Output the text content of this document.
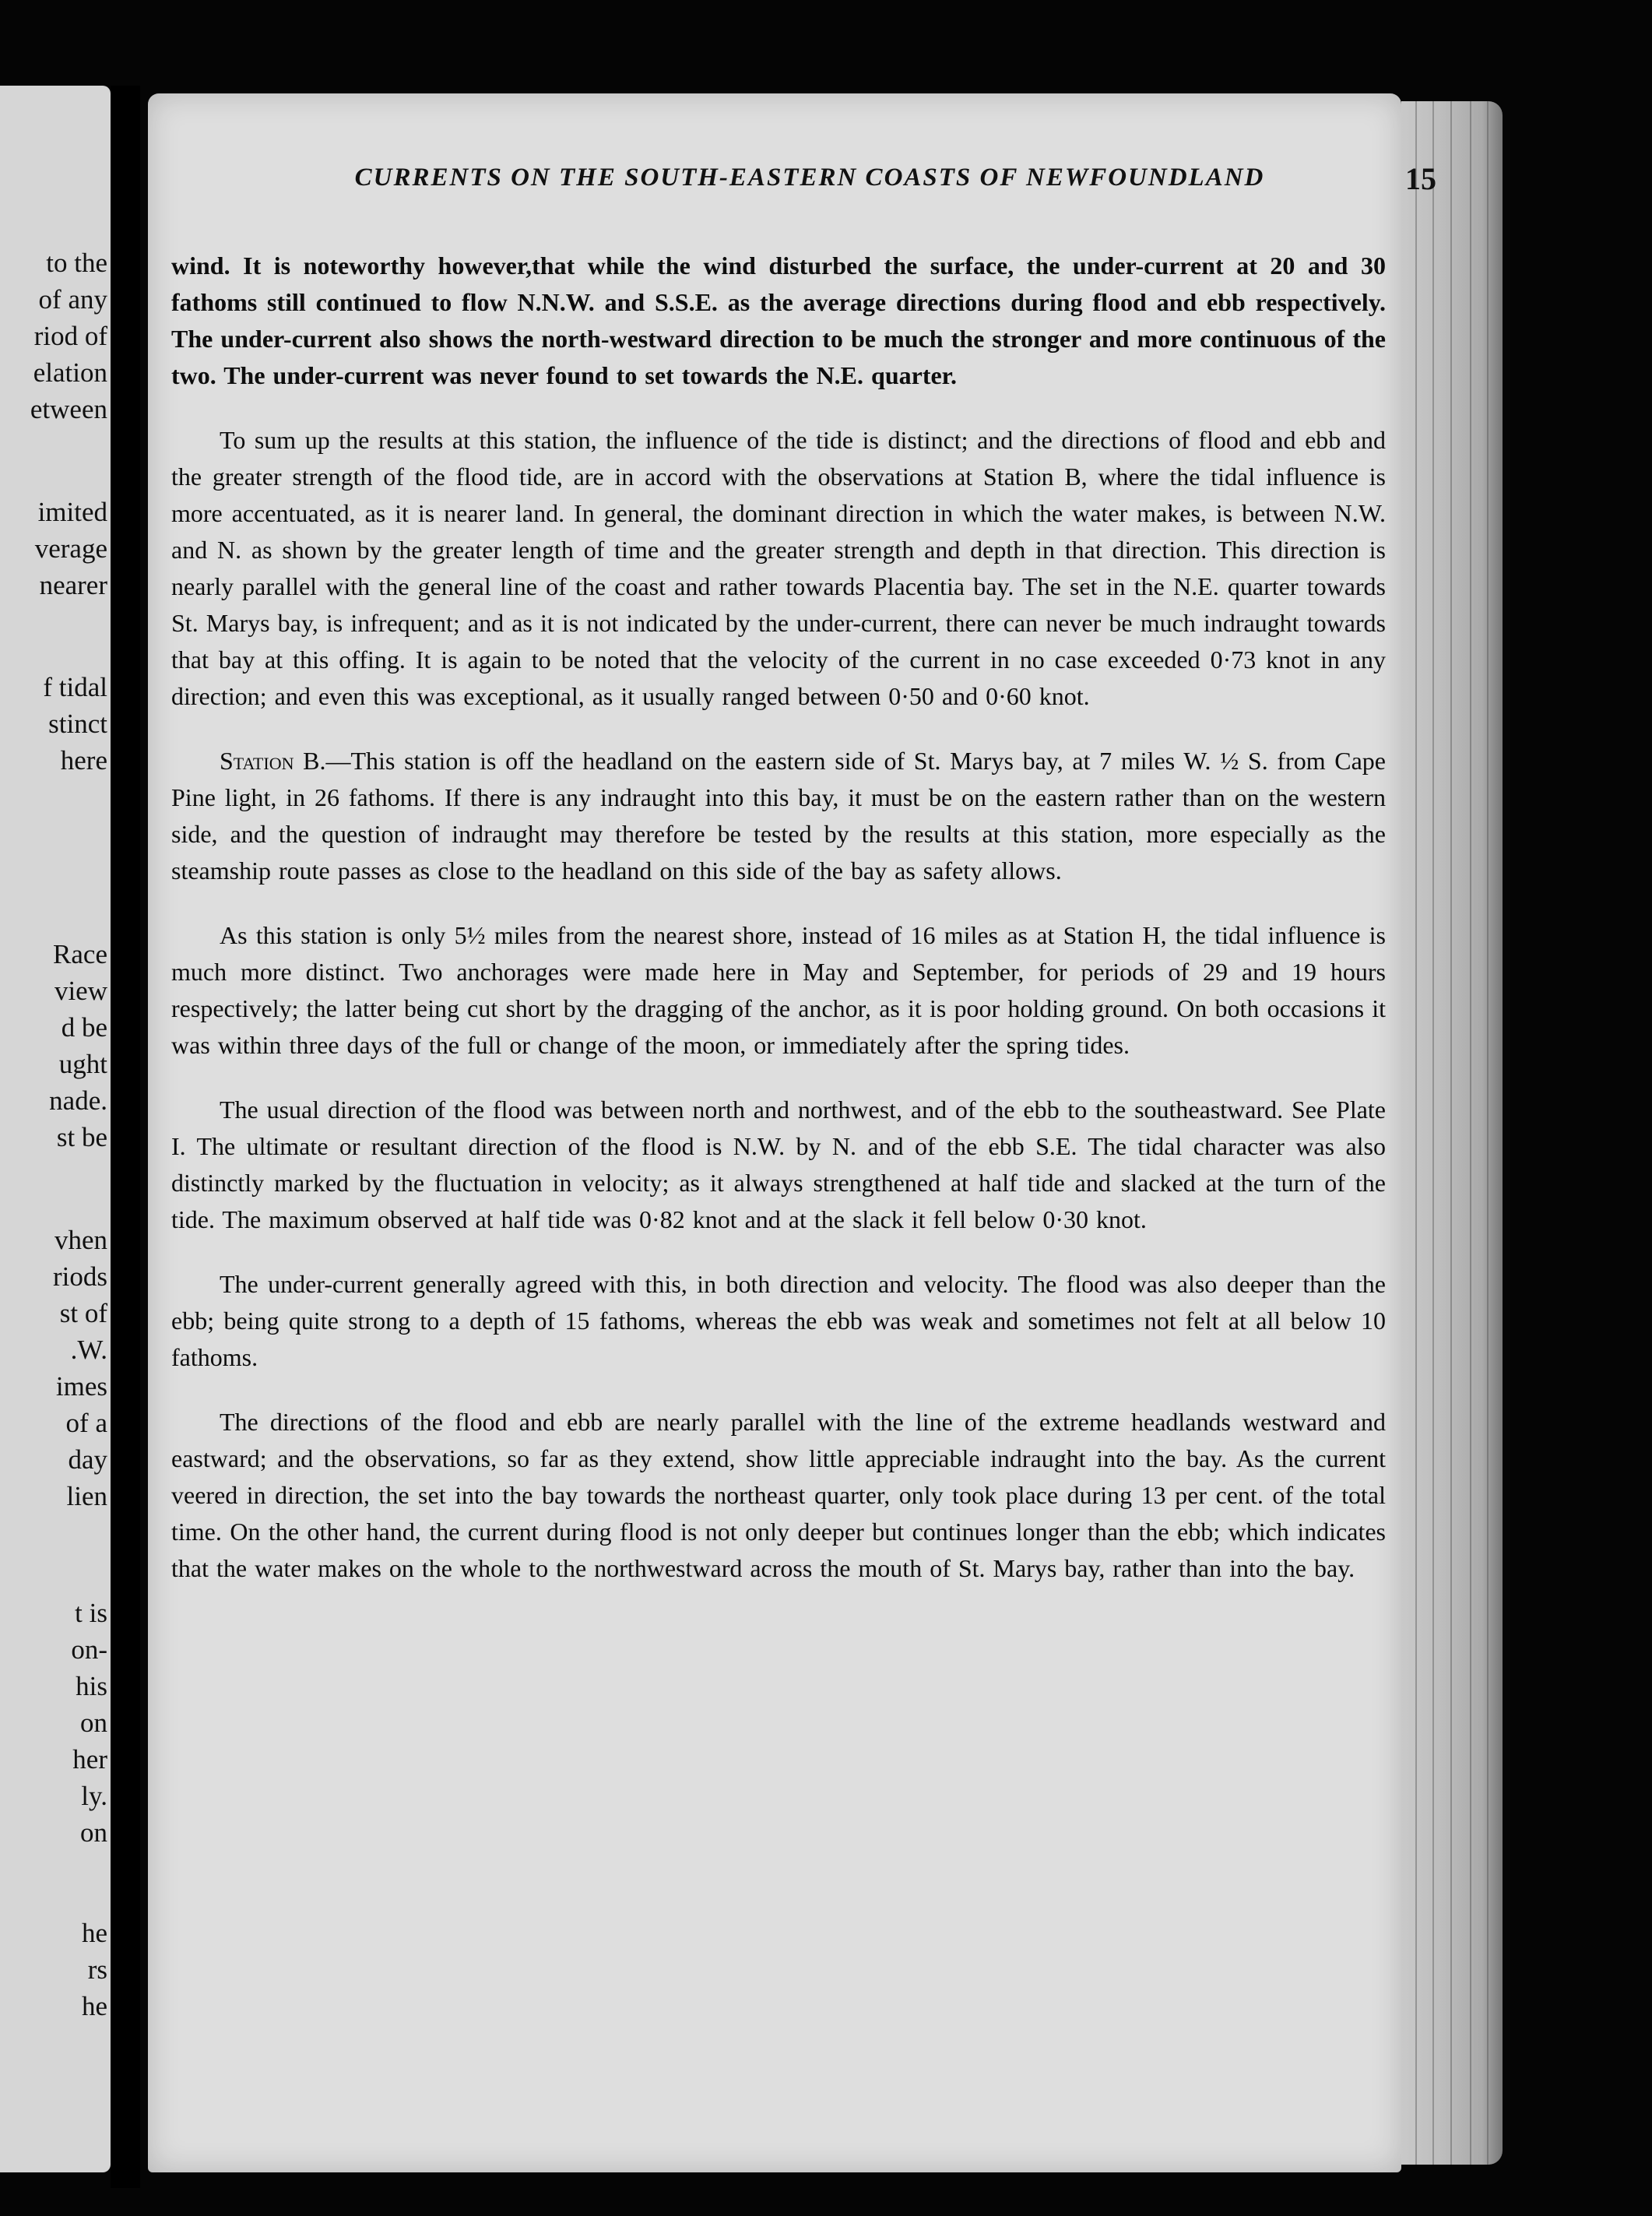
to the
of any
riod of
elation
etween
imited
verage
nearer
f tidal
stinct
here
Race
view
d be
ught
nade.
st be
vhen
riods
st of
.W.
imes
of a
day
lien
t is
on-
his
on
her
ly.
on
he
rs
he
CURRENTS ON THE SOUTH-EASTERN COASTS OF NEWFOUNDLAND	15

wind. It is noteworthy however,that while the wind disturbed the surface, the under-current at 20 and 30 fathoms still continued to flow N.N.W. and S.S.E. as the average directions during flood and ebb respectively. The under-current also shows the north-westward direction to be much the stronger and more continuous of the two. The under-current was never found to set towards the N.E. quarter.

To sum up the results at this station, the influence of the tide is distinct; and the directions of flood and ebb and the greater strength of the flood tide, are in accord with the observations at Station B, where the tidal influence is more accentuated, as it is nearer land. In general, the dominant direction in which the water makes, is between N.W. and N. as shown by the greater length of time and the greater strength and depth in that direction. This direction is nearly parallel with the general line of the coast and rather towards Placentia bay. The set in the N.E. quarter towards St. Marys bay, is infrequent; and as it is not indicated by the under-current, there can never be much indraught towards that bay at this offing. It is again to be noted that the velocity of the current in no case exceeded 0·73 knot in any direction; and even this was exceptional, as it usually ranged between 0·50 and 0·60 knot.

Station B.—This station is off the headland on the eastern side of St. Marys bay, at 7 miles W. ½ S. from Cape Pine light, in 26 fathoms. If there is any indraught into this bay, it must be on the eastern rather than on the western side, and the question of indraught may therefore be tested by the results at this station, more especially as the steamship route passes as close to the headland on this side of the bay as safety allows.

As this station is only 5½ miles from the nearest shore, instead of 16 miles as at Station H, the tidal influence is much more distinct. Two anchorages were made here in May and September, for periods of 29 and 19 hours respectively; the latter being cut short by the dragging of the anchor, as it is poor holding ground. On both occasions it was within three days of the full or change of the moon, or immediately after the spring tides.

The usual direction of the flood was between north and northwest, and of the ebb to the southeastward. See Plate I. The ultimate or resultant direction of the flood is N.W. by N. and of the ebb S.E. The tidal character was also distinctly marked by the fluctuation in velocity; as it always strengthened at half tide and slacked at the turn of the tide. The maximum observed at half tide was 0·82 knot and at the slack it fell below 0·30 knot.

The under-current generally agreed with this, in both direction and velocity. The flood was also deeper than the ebb; being quite strong to a depth of 15 fathoms, whereas the ebb was weak and sometimes not felt at all below 10 fathoms.

The directions of the flood and ebb are nearly parallel with the line of the extreme headlands westward and eastward; and the observations, so far as they extend, show little appreciable indraught into the bay. As the current veered in direction, the set into the bay towards the northeast quarter, only took place during 13 per cent. of the total time. On the other hand, the current during flood is not only deeper but continues longer than the ebb; which indicates that the water makes on the whole to the northwestward across the mouth of St. Marys bay, rather than into the bay.
